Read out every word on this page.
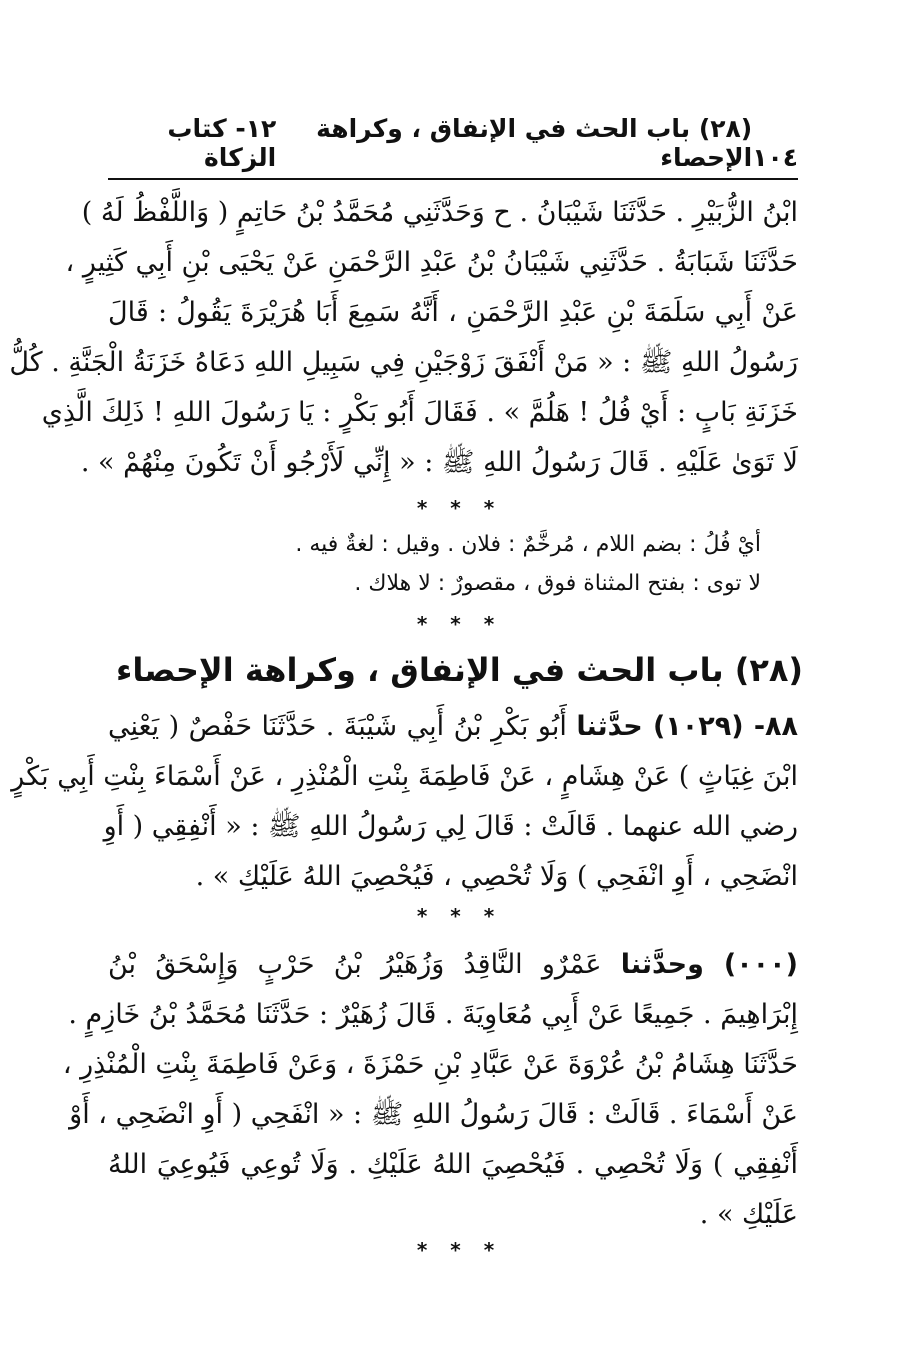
١٠٤
(٢٨) باب الحث في الإنفاق ، وكراهة الإحصاء
١٢- كتاب الزكاة
ابْنُ الزُّبَيْرِ . حَدَّثَنَا شَيْبَانُ . ح وَحَدَّثَنِي مُحَمَّدُ بْنُ حَاتِمٍ ( وَاللَّفْظُ لَهُ )
حَدَّثَنَا شَبَابَةُ . حَدَّثَنِي شَيْبَانُ بْنُ عَبْدِ الرَّحْمَنِ عَنْ يَحْيَى بْنِ أَبِي كَثِيرٍ ،
عَنْ أَبِي سَلَمَةَ بْنِ عَبْدِ الرَّحْمَنِ ، أَنَّهُ سَمِعَ أَبَا هُرَيْرَةَ يَقُولُ : قَالَ
رَسُولُ اللهِ ﷺ : « مَنْ أَنْفَقَ زَوْجَيْنِ فِي سَبِيلِ اللهِ دَعَاهُ خَزَنَةُ الْجَنَّةِ . كُلُّ
خَزَنَةِ بَابٍ : أَيْ فُلُ ! هَلُمَّ » . فَقَالَ أَبُو بَكْرٍ : يَا رَسُولَ اللهِ ! ذَلِكَ الَّذِي
لَا تَوَىٰ عَلَيْهِ . قَالَ رَسُولُ اللهِ ﷺ : « إِنِّي لَأَرْجُو أَنْ تَكُونَ مِنْهُمْ » .
* * *
أيْ فُلُ : بضم اللام ، مُرخَّمٌ : فلان . وقيل : لغةٌ فيه .
لا توى : بفتح المثناة فوق ، مقصورٌ : لا هلاك .
* * *
(٢٨) باب الحث في الإنفاق ، وكراهة الإحصاء
٨٨- (١٠٢٩) حدَّثنا أَبُو بَكْرِ بْنُ أَبِي شَيْبَةَ . حَدَّثَنَا حَفْصٌ ( يَعْنِي
ابْنَ غِيَاثٍ ) عَنْ هِشَامٍ ، عَنْ فَاطِمَةَ بِنْتِ الْمُنْذِرِ ، عَنْ أَسْمَاءَ بِنْتِ أَبِي بَكْرٍ
رضي الله عنهما . قَالَتْ : قَالَ لِي رَسُولُ اللهِ ﷺ : « أَنْفِقِي ( أَوِ
انْضَحِي ، أَوِ انْفَحِي ) وَلَا تُحْصِي ، فَيُحْصِيَ اللهُ عَلَيْكِ » .
* * *
(٠٠٠) وحدَّثنا عَمْرٌو النَّاقِدُ وَزُهَيْرُ بْنُ حَرْبٍ وَإِسْحَقُ بْنُ
إِبْرَاهِيمَ . جَمِيعًا عَنْ أَبِي مُعَاوِيَةَ . قَالَ زُهَيْرٌ : حَدَّثَنَا مُحَمَّدُ بْنُ خَازِمٍ .
حَدَّثَنَا هِشَامُ بْنُ عُرْوَةَ عَنْ عَبَّادِ بْنِ حَمْزَةَ ، وَعَنْ فَاطِمَةَ بِنْتِ الْمُنْذِرِ ،
عَنْ أَسْمَاءَ . قَالَتْ : قَالَ رَسُولُ اللهِ ﷺ : « انْفَحِي ( أَوِ انْضَحِي ، أَوْ
أَنْفِقِي ) وَلَا تُحْصِي . فَيُحْصِيَ اللهُ عَلَيْكِ . وَلَا تُوعِي فَيُوعِيَ اللهُ
عَلَيْكِ » .
* * *
